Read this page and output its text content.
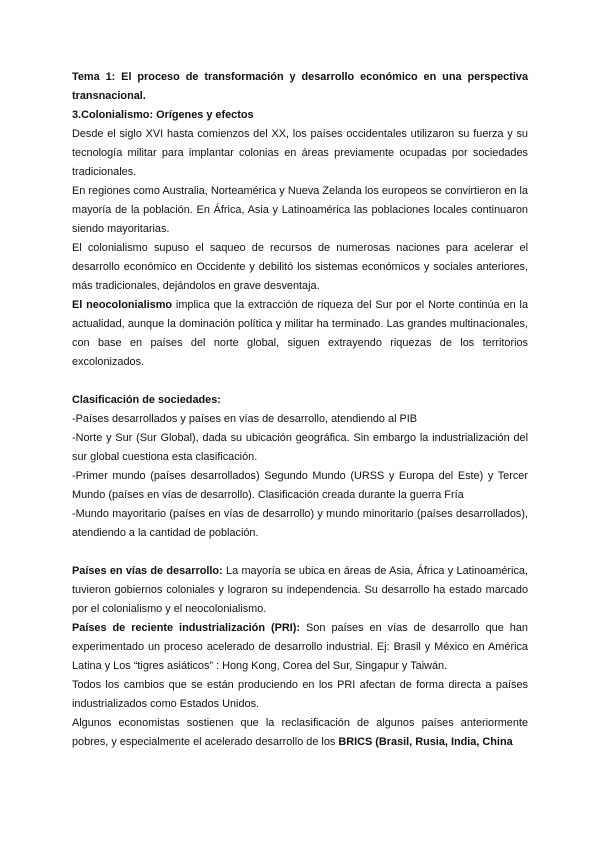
Tema 1: El proceso de transformación y desarrollo económico en una perspectiva transnacional.

3.Colonialismo: Orígenes y efectos

Desde el siglo XVI hasta comienzos del XX, los países occidentales utilizaron su fuerza y su tecnología militar para implantar colonias en áreas previamente ocupadas por sociedades tradicionales.

En regiones como Australia, Norteamérica y Nueva Zelanda los europeos se convirtieron en la mayoría de la población. En África, Asia y Latinoamérica las poblaciones locales continuaron siendo mayoritarias.

El colonialismo supuso el saqueo de recursos de numerosas naciones para acelerar el desarrollo económico en Occidente y debilitó los sistemas económicos y sociales anteriores, más tradicionales, dejándolos en grave desventaja.

El neocolonialismo implica que la extracción de riqueza del Sur por el Norte continúa en la actualidad, aunque la dominación política y militar ha terminado. Las grandes multinacionales, con base en países del norte global, siguen extrayendo riquezas de los territorios excolonizados.

Clasificación de sociedades:

-Países desarrollados y países en vías de desarrollo, atendiendo al PIB

-Norte y Sur (Sur Global), dada su ubicación geográfica. Sin embargo la industrialización del sur global cuestiona esta clasificación.

-Primer mundo (países desarrollados) Segundo Mundo (URSS y Europa del Este) y Tercer Mundo (países en vías de desarrollo). Clasificación creada durante la guerra Fría

-Mundo mayoritario (países en vías de desarrollo) y mundo minoritario (países desarrollados), atendiendo a la cantidad de población.

Países en vías de desarrollo: La mayoría se ubica en áreas de Asia, África y Latinoamérica, tuvieron gobiernos coloniales y lograron su independencia. Su desarrollo ha estado marcado por el colonialismo y el neocolonialismo.

Países de reciente industrialización (PRI): Son países en vías de desarrollo que han experimentado un proceso acelerado de desarrollo industrial. Ej: Brasil y México en América Latina y Los “tigres asiáticos” : Hong Kong, Corea del Sur, Singapur y Taiwán.

Todos los cambios que se están produciendo en los PRI afectan de forma directa a países industrializados como Estados Unidos.

Algunos economistas sostienen que la reclasificación de algunos países anteriormente pobres, y especialmente el acelerado desarrollo de los BRICS (Brasil, Rusia, India, China
